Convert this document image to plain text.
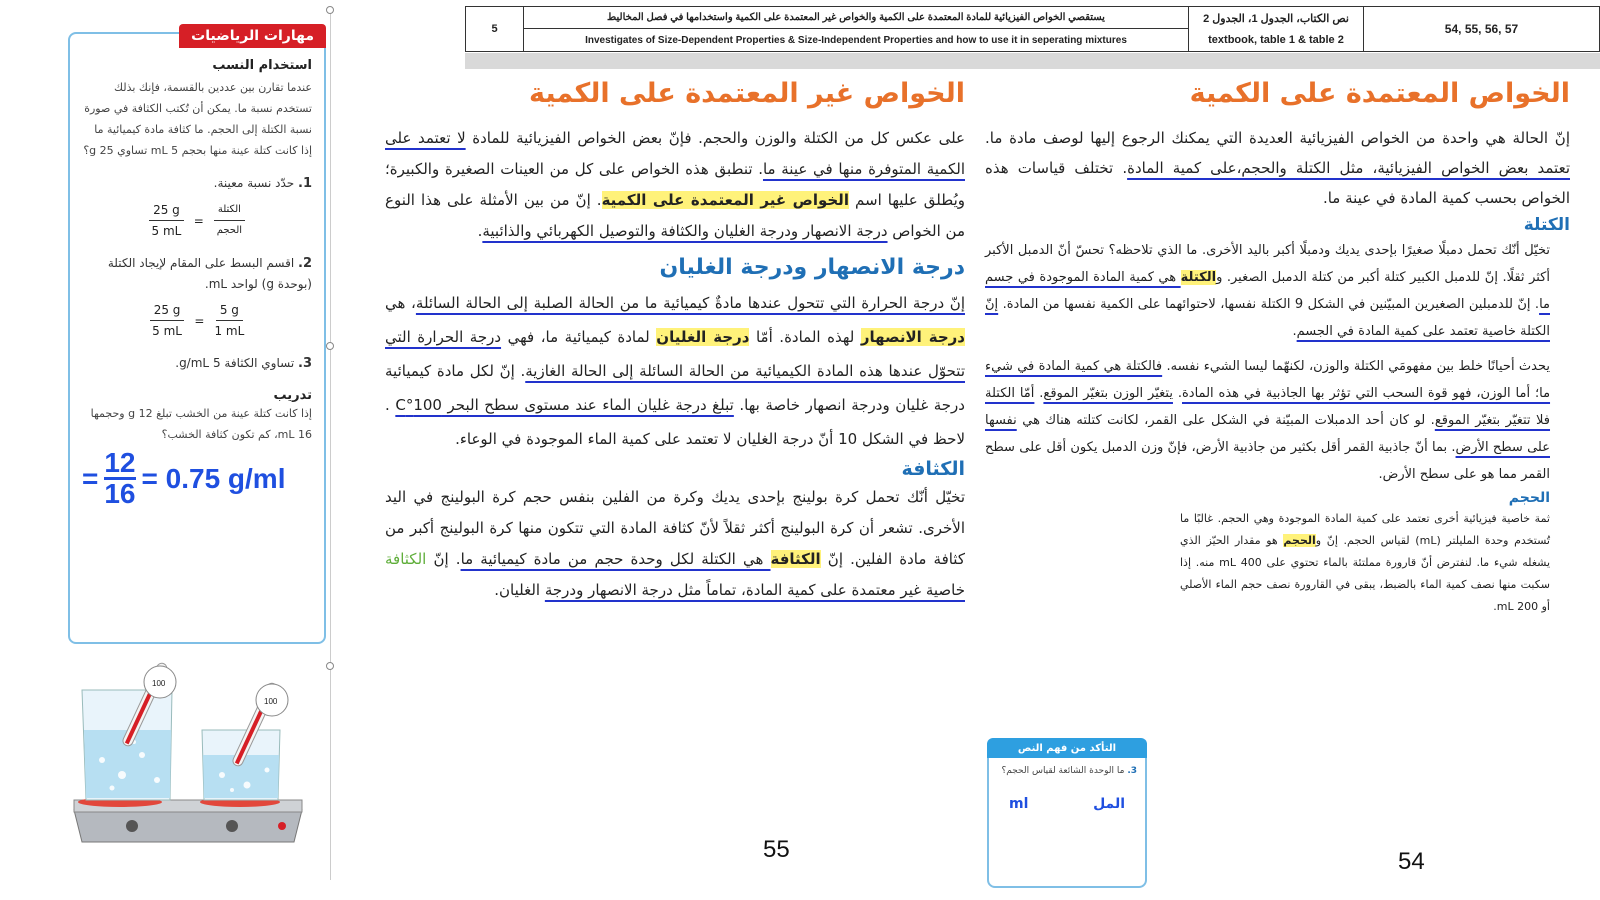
5
يستقصي الخواص الفيزيائية للمادة المعتمدة على الكمية والخواص غير المعتمدة على الكمية واستخدامها في فصل المخاليط
Investigates of Size-Dependent Properties & Size-Independent Properties and how to use it in seperating mixtures
نص الكتاب، الجدول 1، الجدول 2
textbook, table 1 & table 2
54, 55, 56, 57
مهارات الرياضيات
استخدام النسب
عندما تقارن بين عددين بالقسمة، فإنك بذلك تستخدم نسبة ما. يمكن أن تُكتب الكثافة في صورة نسبة الكتلة إلى الحجم. ما كثافة مادة كيميائية ما إذا كانت كتلة عينة منها بحجم 5 mL تساوي 25 g؟
1. حدّد نسبة معينة.
$\frac{25 g}{5 mL} = \frac{\text{الكتلة}}{\text{الحجم}}$
2. اقسم البسط على المقام لإيجاد الكتلة (بوحدة g) لواحد mL.
$\frac{25 g}{5 mL} = \frac{5 g}{1 mL}$
3. تساوي الكثافة 5 g/mL.
تدريب
إذا كانت كتلة عينة من الخشب تبلغ 12 g وحجمها 16 mL، كم تكون كثافة الخشب؟
= $\frac{12}{16} = 0.75$ g/ml
100
100
الخواص غير المعتمدة على الكمية

على عكس كل من الكتلة والوزن والحجم. فإنّ بعض الخواص الفيزيائية للمادة لا تعتمد على الكمية المتوفرة منها في عينة ما. تنطبق هذه الخواص على كل من العينات الصغيرة والكبيرة؛ ويُطلق عليها اسم الخواص غير المعتمدة على الكمية. إنّ من بين الأمثلة على هذا النوع من الخواص درجة الانصهار ودرجة الغليان والكثافة والتوصيل الكهربائي والذائبية.

درجة الانصهار ودرجة الغليان

إنّ درجة الحرارة التي تتحول عندها مادةٌ كيميائية ما من الحالة الصلبة إلى الحالة السائلة، هي درجة الانصهار لهذه المادة. أمّا درجة الغليان لمادة كيميائية ما، فهي درجة الحرارة التي تتحوّل عندها هذه المادة الكيميائية من الحالة السائلة إلى الحالة الغازية. إنّ لكل مادة كيميائية درجة غليان ودرجة انصهار خاصة بها. تبلغ درجة غليان الماء عند مستوى سطح البحر 100°C . لاحظ في الشكل 10 أنّ درجة الغليان لا تعتمد على كمية الماء الموجودة في الوعاء.

الكثافة

تخيّل أنّك تحمل كرة بولينج بإحدى يديك وكرة من الفلين بنفس حجم كرة البولينج في اليد الأخرى. تشعر أن كرة البولينج أكثر ثقلاً لأنّ كثافة المادة التي تتكون منها كرة البولينج أكبر من كثافة مادة الفلين. إنّ الكثافة هي الكتلة لكل وحدة حجم من مادة كيميائية ما. إنّ الكثافة خاصية غير معتمدة على كمية المادة، تماماً مثل درجة الانصهار ودرجة الغليان.

55
الخواص المعتمدة على الكمية

إنّ الحالة هي واحدة من الخواص الفيزيائية العديدة التي يمكنك الرجوع إليها لوصف مادة ما. تعتمد بعض الخواص الفيزيائية، مثل الكتلة والحجم،على كمية المادة. تختلف قياسات هذه الخواص بحسب كمية المادة في عينة ما.

الكتلة

تخيّل أنّك تحمل دمبلًا صغيرًا بإحدى يديك ودمبلًا أكبر باليد الأخرى. ما الذي تلاحظه؟ تحسّ أنّ الدمبل الأكبر أكثر ثقلًا. إنّ للدمبل الكبير كتلة أكبر من كتلة الدمبل الصغير. والكتلة هي كمية المادة الموجودة في جسم ما. إنّ للدمبلين الصغيرين المبيّنين في الشكل 9 الكتلة نفسها، لاحتوائهما على الكمية نفسها من المادة. إنّ الكتلة خاصية تعتمد على كمية المادة في الجسم.

يحدث أحيانًا خلط بين مفهومَي الكتلة والوزن، لكنهّما ليسا الشيء نفسه. فالكتلة هي كمية المادة في شيء ما؛ أما الوزن، فهو قوة السحب التي تؤثر بها الجاذبية في هذه المادة. يتغيّر الوزن بتغيّر الموقع. أمّا الكتلة فلا تتغيّر بتغيّر الموقع. لو كان أحد الدمبلات المبيّنة في الشكل على القمر، لكانت كتلته هناك هي نفسها على سطح الأرض. بما أنّ جاذبية القمر أقل بكثير من جاذبية الأرض، فإنّ وزن الدمبل يكون أقل على سطح القمر مما هو على سطح الأرض.

الحجم

ثمة خاصية فيزيائية أخرى تعتمد على كمية المادة الموجودة وهي الحجم. غالبًا ما تُستخدم وحدة المليلتر (mL) لقياس الحجم. إنّ والحجم هو مقدار الحيّز الذي يشغله شيء ما. لنفترض أنّ قارورة مملتئة بالماء تحتوي على mL 400 منه. إذا سكبت منها نصف كمية الماء بالضبط، يبقى في القارورة نصف حجم الماء الأصلي أو 200 mL.

54
التأكد من فهم النص
3. ما الوحدة الشائعة لقياس الحجم؟
المل
ml
